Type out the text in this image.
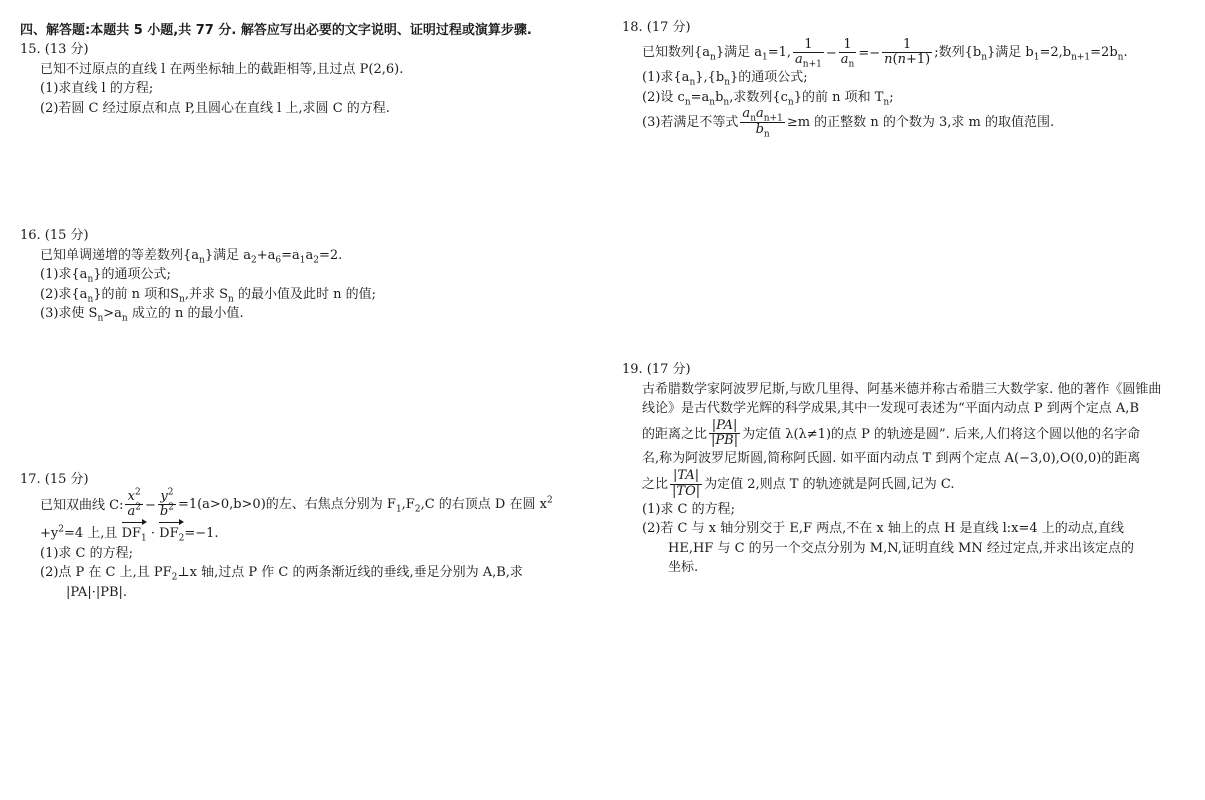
四、解答题:本题共 5 小题,共 77 分. 解答应写出必要的文字说明、证明过程或演算步骤.
15. (13 分)
已知不过原点的直线 l 在两坐标轴上的截距相等,且过点 P(2,6).
(1)求直线 l 的方程;
(2)若圆 C 经过原点和点 P,且圆心在直线 l 上,求圆 C 的方程.
16. (15 分)
已知单调递增的等差数列$\{a_n\}$满足 $a_2+a_6=a_1a_2=2$.
(1)求$\{a_n\}$的通项公式;
(2)求$\{a_n\}$的前 n 项和$S_n$,并求 $S_n$ 的最小值及此时 n 的值;
(3)求使 $S_n>a_n$ 成立的 n 的最小值.
17. (15 分)
已知双曲线 C: $\frac{x^2}{a^2} - \frac{y^2}{b^2} =1(a>0,b>0)$的左、右焦点分别为 $F_1,F_2,C$ 的右顶点 D 在圆 $x^2$
$+y^2=4$ 上,且 $DF_1 \cdot DF_2=-1$.
(1)求 C 的方程;
(2)点 P 在 C 上,且 $PF_2\perp x$ 轴,过点 P 作 C 的两条渐近线的垂线,垂足分别为 A,B,求
|PA|·|PB|.
18. (17 分)
已知数列$\{a_n\}$满足 $a_1=1$, $\frac{1}{a_{n+1}} - \frac{1}{a_n} =- \frac{1}{n(n+1)}$ ;数列$\{b_n\}$满足 $b_1=2,b_{n+1}=2b_n$.
(1)求$\{a_n\},\{b_n\}$的通项公式;
(2)设 $c_n=a_nb_n$,求数列$\{c_n\}$的前 n 项和 $T_n$;
(3)若满足不等式 $\frac{a_na_{n+1}}{b_n} \ge m$ 的正整数 n 的个数为 3,求 m 的取值范围.
19. (17 分)
古希腊数学家阿波罗尼斯,与欧几里得、阿基米德并称古希腊三大数学家. 他的著作《圆锥曲
线论》是古代数学光辉的科学成果,其中一发现可表述为“平面内动点 P 到两个定点 A,B
的距离之比 $\frac{|PA|}{|PB|}$ 为定值 λ(λ≠1)的点 P 的轨迹是圆”. 后来,人们将这个圆以他的名字命
名,称为阿波罗尼斯圆,简称阿氏圆. 如平面内动点 T 到两个定点 A(−3,0),O(0,0)的距离
之比 $\frac{|TA|}{|TO|}$ 为定值 2,则点 T 的轨迹就是阿氏圆,记为 C.
(1)求 C 的方程;
(2)若 C 与 x 轴分别交于 E,F 两点,不在 x 轴上的点 H 是直线 l:x=4 上的动点,直线
HE,HF 与 C 的另一个交点分别为 M,N,证明直线 MN 经过定点,并求出该定点的
坐标.
